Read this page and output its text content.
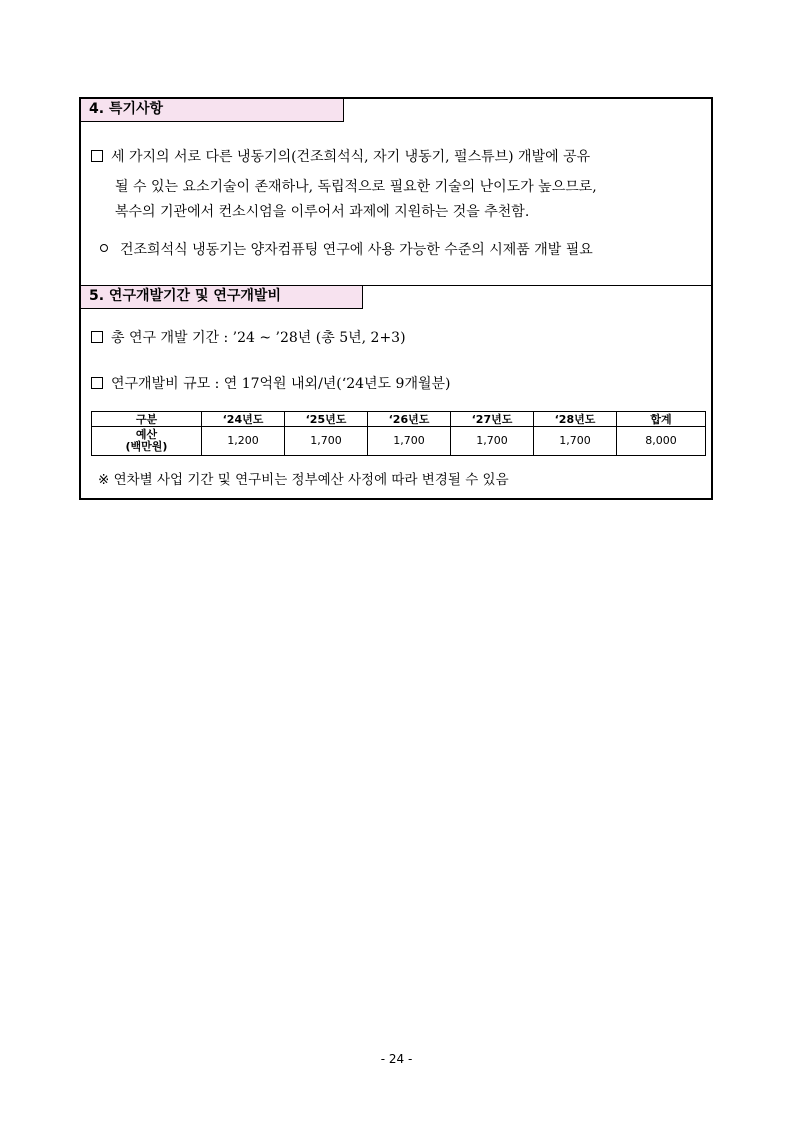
4. 특기사항
세 가지의 서로 다른 냉동기의(건조희석식, 자기 냉동기, 펄스튜브) 개발에 공유
될 수 있는 요소기술이 존재하나, 독립적으로 필요한 기술의 난이도가 높으므로,
복수의 기관에서 컨소시엄을 이루어서 과제에 지원하는 것을 추천함.
건조희석식 냉동기는 양자컴퓨팅 연구에 사용 가능한 수준의 시제품 개발 필요
5. 연구개발기간 및 연구개발비
총 연구 개발 기간 : ’24 ~ ’28년 (총 5년, 2+3)
연구개발비 규모 : 연 17억원 내외/년(‘24년도 9개월분)
구분	‘24년도	‘25년도	‘26년도	‘27년도	‘28년도	합계

예산
(백만원)	1,200	1,700	1,700	1,700	1,700	8,000
※ 연차별 사업 기간 및 연구비는 정부예산 사정에 따라 변경될 수 있음
- 24 -
